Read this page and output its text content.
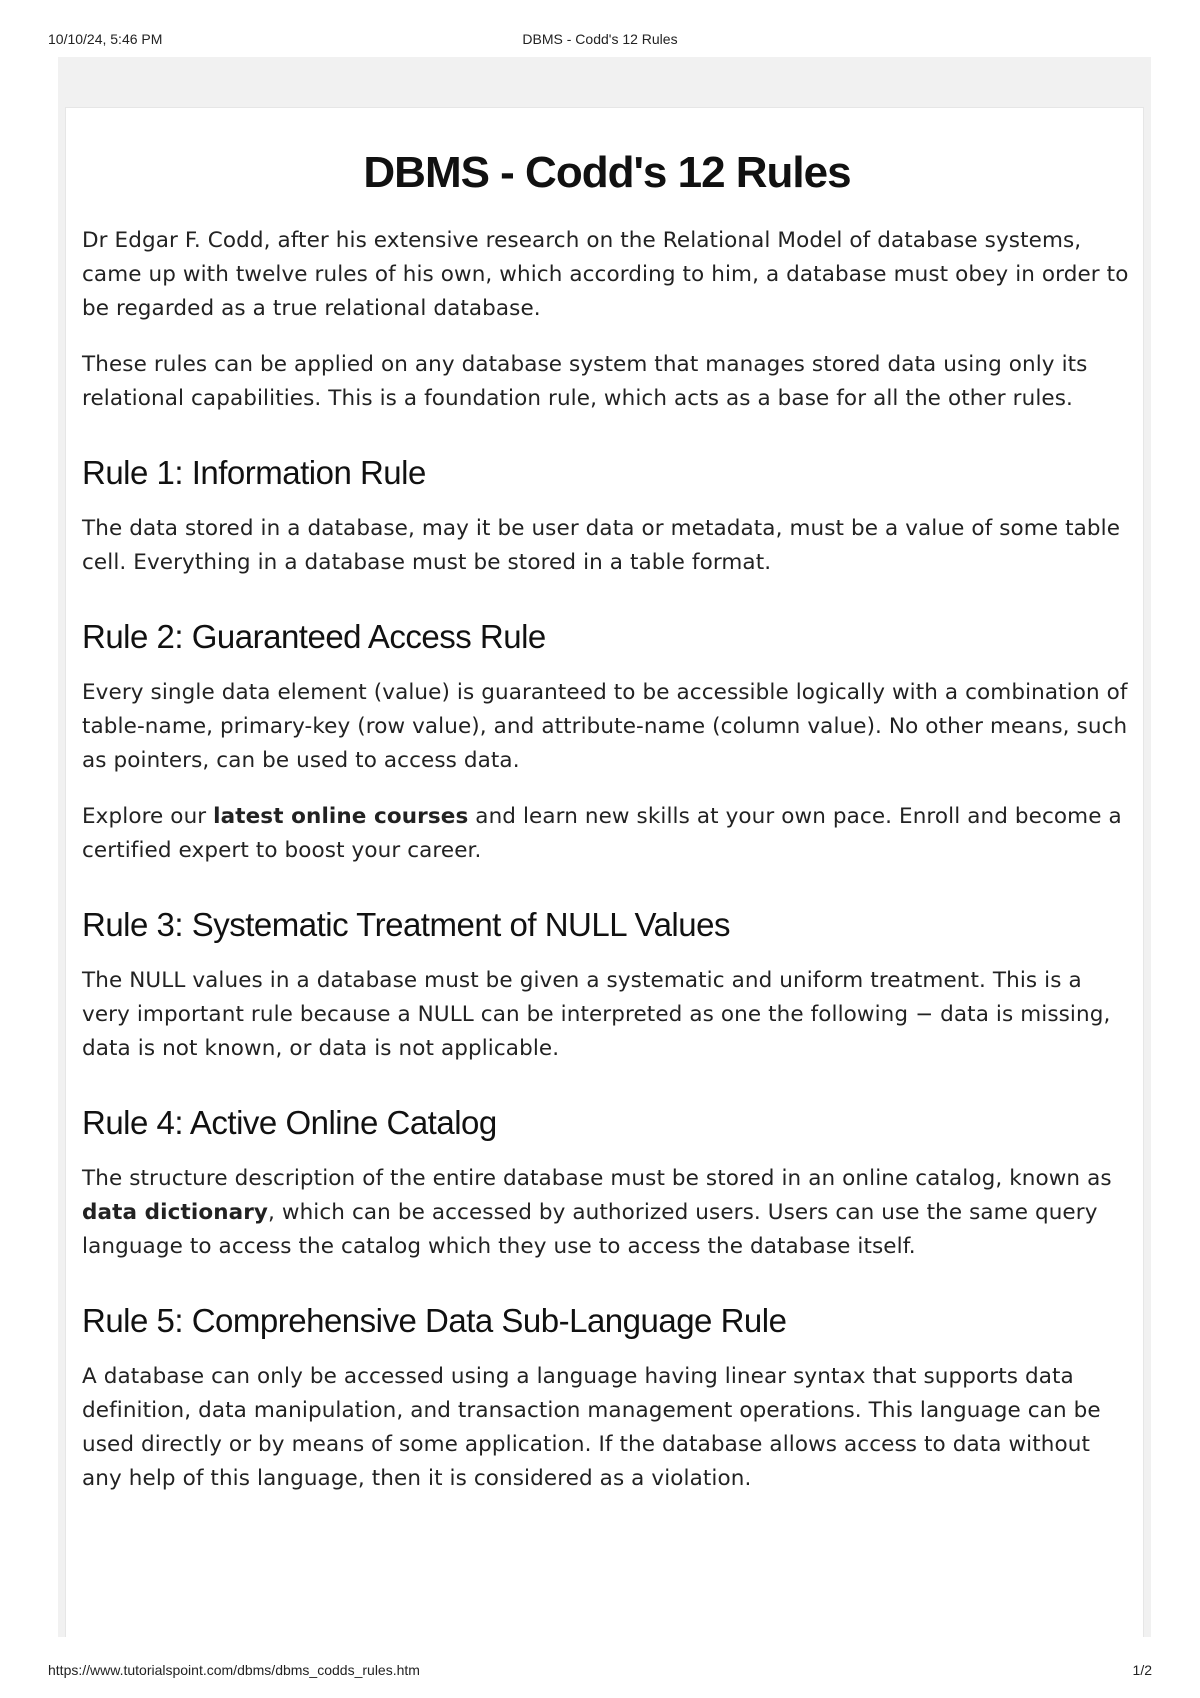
10/10/24, 5:46 PM	DBMS - Codd's 12 Rules
DBMS - Codd's 12 Rules

Dr Edgar F. Codd, after his extensive research on the Relational Model of database systems, came up with twelve rules of his own, which according to him, a database must obey in order to be regarded as a true relational database.

These rules can be applied on any database system that manages stored data using only its relational capabilities. This is a foundation rule, which acts as a base for all the other rules.

Rule 1: Information Rule

The data stored in a database, may it be user data or metadata, must be a value of some table cell. Everything in a database must be stored in a table format.

Rule 2: Guaranteed Access Rule

Every single data element (value) is guaranteed to be accessible logically with a combination of table-name, primary-key (row value), and attribute-name (column value). No other means, such as pointers, can be used to access data.

Explore our latest online courses and learn new skills at your own pace. Enroll and become a certified expert to boost your career.

Rule 3: Systematic Treatment of NULL Values

The NULL values in a database must be given a systematic and uniform treatment. This is a very important rule because a NULL can be interpreted as one the following − data is missing, data is not known, or data is not applicable.

Rule 4: Active Online Catalog

The structure description of the entire database must be stored in an online catalog, known as data dictionary, which can be accessed by authorized users. Users can use the same query language to access the catalog which they use to access the database itself.

Rule 5: Comprehensive Data Sub-Language Rule

A database can only be accessed using a language having linear syntax that supports data definition, data manipulation, and transaction management operations. This language can be used directly or by means of some application. If the database allows access to data without any help of this language, then it is considered as a violation.

https://www.tutorialspoint.com/dbms/dbms_codds_rules.htm	1/2
